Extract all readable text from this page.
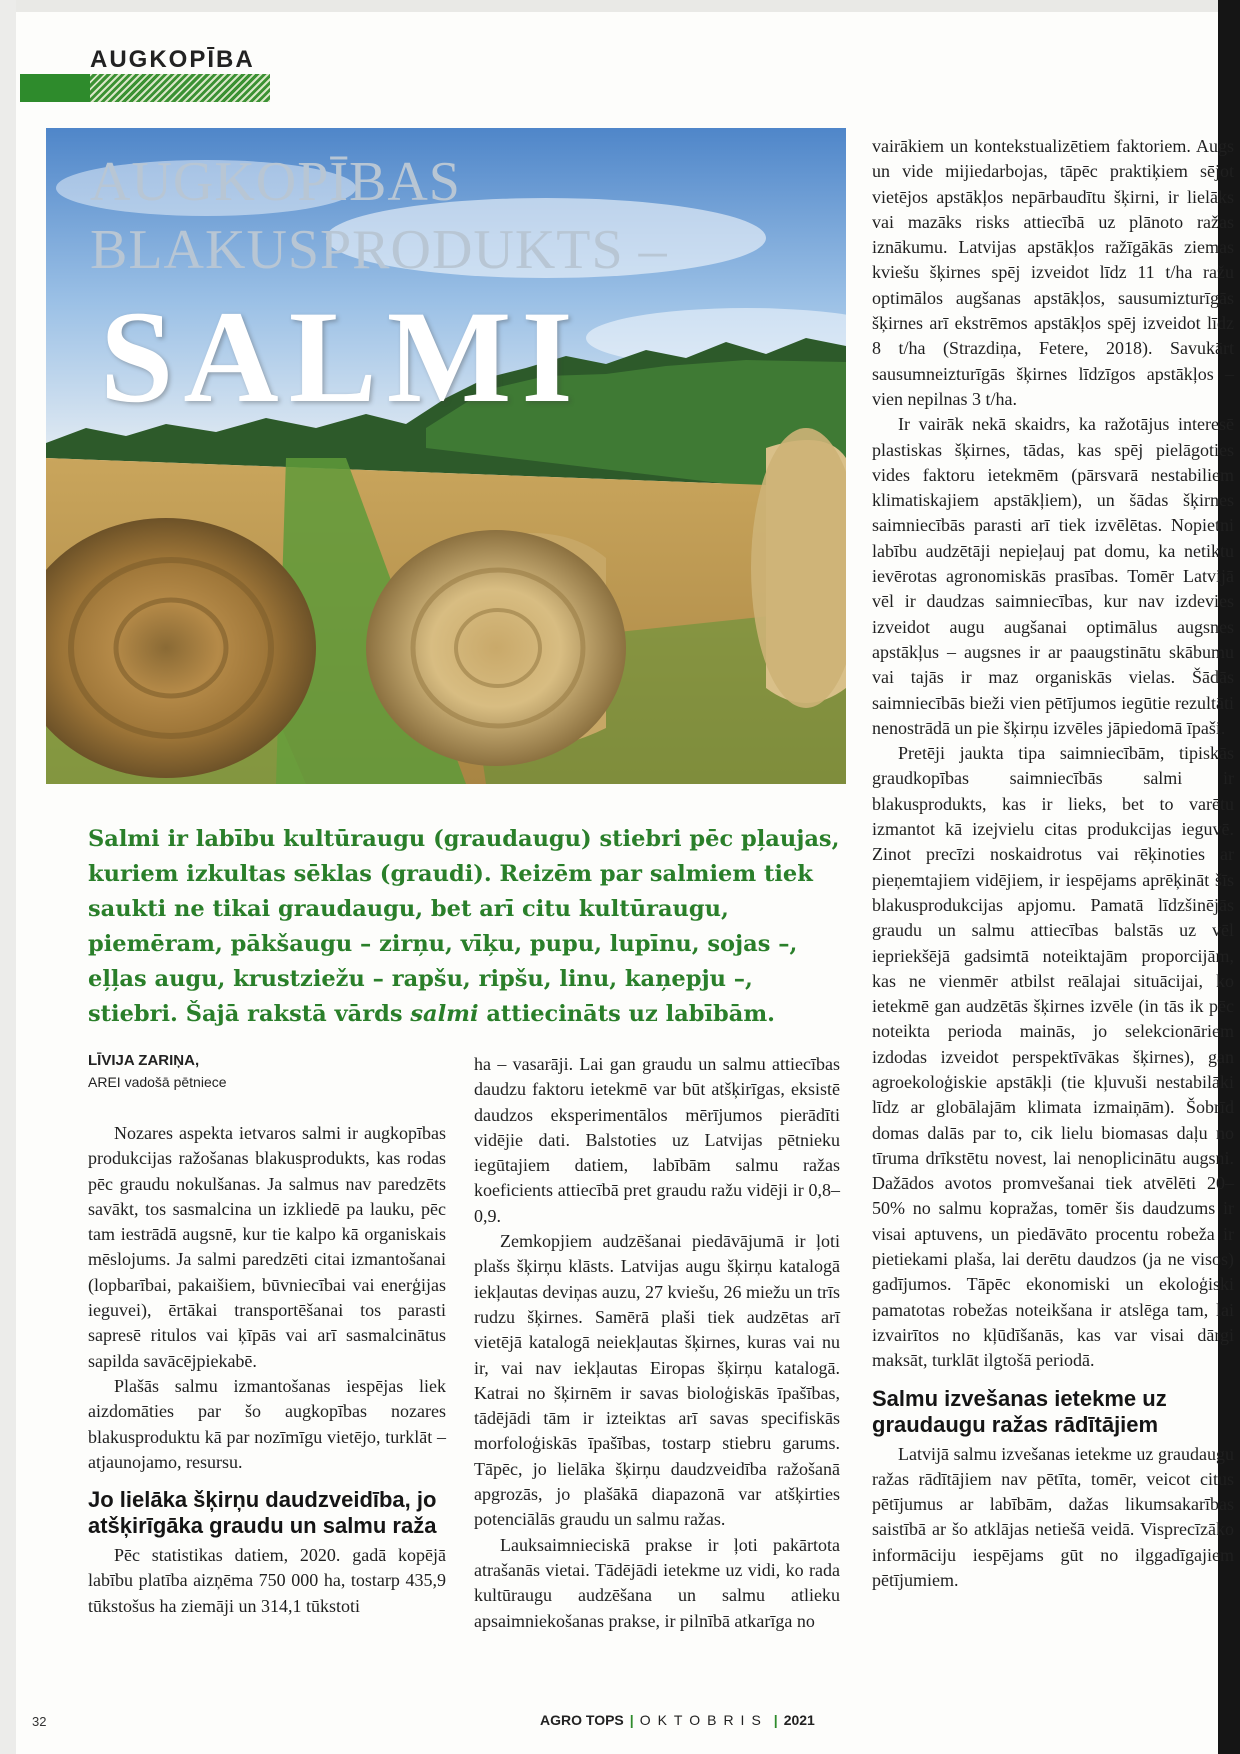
AUGKOPĪBA
AUGKOPĪBAS
BLAKUSPRODUKTS –
SALMI
Salmi ir labību kultūraugu (graudaugu) stiebri pēc pļaujas, kuriem izkultas sēklas (graudi). Reizēm par salmiem tiek saukti ne tikai graudaugu, bet arī citu kultūraugu, piemēram, pākšaugu – zirņu, vīķu, pupu, lupīnu, sojas –, eļļas augu, krustziežu – rapšu, ripšu, linu, kaņepju –, stiebri. Šajā rakstā vārds salmi attiecināts uz labībām.
LĪVIJA ZARIŅA,
AREI vadošā pētniece

Nozares aspekta ietvaros salmi ir augkopības produkcijas ražošanas blakusprodukts, kas rodas pēc graudu nokulšanas. Ja salmus nav paredzēts savākt, tos sasmalcina un izkliedē pa lauku, pēc tam iestrādā augsnē, kur tie kalpo kā organiskais mēslojums. Ja salmi paredzēti citai izmantošanai (lopbarībai, pakaišiem, būvniecībai vai enerģijas ieguvei), ērtākai transportēšanai tos parasti sapresē ritulos vai ķīpās vai arī sasmalcinātus sapilda savācējpiekabē.

Plašās salmu izmantošanas iespējas liek aizdomāties par šo augkopības nozares blakusproduktu kā par nozīmīgu vietējo, turklāt – atjaunojamo, resursu.

Jo lielāka šķirņu daudzveidība, jo atšķirīgāka graudu un salmu raža

Pēc statistikas datiem, 2020. gadā kopējā labību platība aizņēma 750 000 ha, tostarp 435,9 tūkstošus ha ziemāji un 314,1 tūkstoti

ha – vasarāji. Lai gan graudu un salmu attiecības daudzu faktoru ietekmē var būt atšķirīgas, eksistē daudzos eksperimentālos mērījumos pierādīti vidējie dati. Balstoties uz Latvijas pētnieku iegūtajiem datiem, labībām salmu ražas koeficients attiecībā pret graudu ražu vidēji ir 0,8–0,9.

Zemkopjiem audzēšanai piedāvājumā ir ļoti plašs šķirņu klāsts. Latvijas augu šķirņu katalogā iekļautas deviņas auzu, 27 kviešu, 26 miežu un trīs rudzu šķirnes. Samērā plaši tiek audzētas arī vietējā katalogā neiekļautas šķirnes, kuras vai nu ir, vai nav iekļautas Eiropas šķirņu katalogā. Katrai no šķirnēm ir savas bioloģiskās īpašības, tādējādi tām ir izteiktas arī savas specifiskās morfoloģiskās īpašības, tostarp stiebru garums. Tāpēc, jo lielāka šķirņu daudzveidība ražošanā apgrozās, jo plašākā diapazonā var atšķirties potenciālās graudu un salmu ražas.

Lauksaimnieciskā prakse ir ļoti pakārtota atrašanās vietai. Tādējādi ietekme uz vidi, ko rada kultūraugu audzēšana un salmu atlieku apsaimniekošanas prakse, ir pilnībā atkarīga no

vairākiem un kontekstualizētiem faktoriem. Augs un vide mijiedarbojas, tāpēc praktiķiem sējot vietējos apstākļos nepārbaudītu šķirni, ir lielāks vai mazāks risks attiecībā uz plānoto ražas iznākumu. Latvijas apstākļos ražīgākās ziemas kviešu šķirnes spēj izveidot līdz 11 t/ha ražu optimālos augšanas apstākļos, sausumizturīgās šķirnes arī ekstrēmos apstākļos spēj izveidot līdz 8 t/ha (Strazdiņa, Fetere, 2018). Savukārt sausumneizturīgās šķirnes līdzīgos apstākļos – vien nepilnas 3 t/ha.

Ir vairāk nekā skaidrs, ka ražotājus interesē plastiskas šķirnes, tādas, kas spēj pielāgoties vides faktoru ietekmēm (pārsvarā nestabiliem klimatiskajiem apstākļiem), un šādas šķirnes saimniecībās parasti arī tiek izvēlētas. Nopietni labību audzētāji nepieļauj pat domu, ka netiktu ievērotas agronomiskās prasības. Tomēr Latvijā vēl ir daudzas saimniecības, kur nav izdevies izveidot augu augšanai optimālus augsnes apstākļus – augsnes ir ar paaugstinātu skābumu vai tajās ir maz organiskās vielas. Šādās saimniecībās bieži vien pētījumos iegūtie rezultāti nenostrādā un pie šķirņu izvēles jāpiedomā īpaši.

Pretēji jaukta tipa saimniecībām, tipiskās graudkopības saimniecībās salmi ir blakusprodukts, kas ir lieks, bet to varētu izmantot kā izejvielu citas produkcijas ieguvē. Zinot precīzi noskaidrotus vai rēķinoties ar pieņemtajiem vidējiem, ir iespējams aprēķināt šīs blakusprodukcijas apjomu. Pamatā līdzšinējās graudu un salmu attiecības balstās uz vēl iepriekšējā gadsimtā noteiktajām proporcijām, kas ne vienmēr atbilst reālajai situācijai, ko ietekmē gan audzētās šķirnes izvēle (in tās ik pēc noteikta perioda mainās, jo selekcionāriem izdodas izveidot perspektīvākas šķirnes), gan agroekoloģiskie apstākļi (tie kļuvuši nestabilāki līdz ar globālajām klimata izmaiņām). Šobrīd domas dalās par to, cik lielu biomasas daļu no tīruma drīkstētu novest, lai nenoplicinātu augsni. Dažādos avotos promvešanai tiek atvēlēti 20–50% no salmu kopražas, tomēr šis daudzums ir visai aptuvens, un piedāvāto procentu robeža ir pietiekami plaša, lai derētu daudzos (ja ne visos) gadījumos. Tāpēc ekonomiski un ekoloģiski pamatotas robežas noteikšana ir atslēga tam, lai izvairītos no kļūdīšanās, kas var visai dārgi maksāt, turklāt ilgtošā periodā.

Salmu izvešanas ietekme uz graudaugu ražas rādītājiem

Latvijā salmu izvešanas ietekme uz graudaugu ražas rādītājiem nav pētīta, tomēr, veicot citus pētījumus ar labībām, dažas likumsakarības saistībā ar šo atklājas netiešā veidā. Visprecīzāko informāciju iespējams gūt no ilggadīgajiem pētījumiem.

32	AGRO TOPS | OKTOBRIS | 2021
